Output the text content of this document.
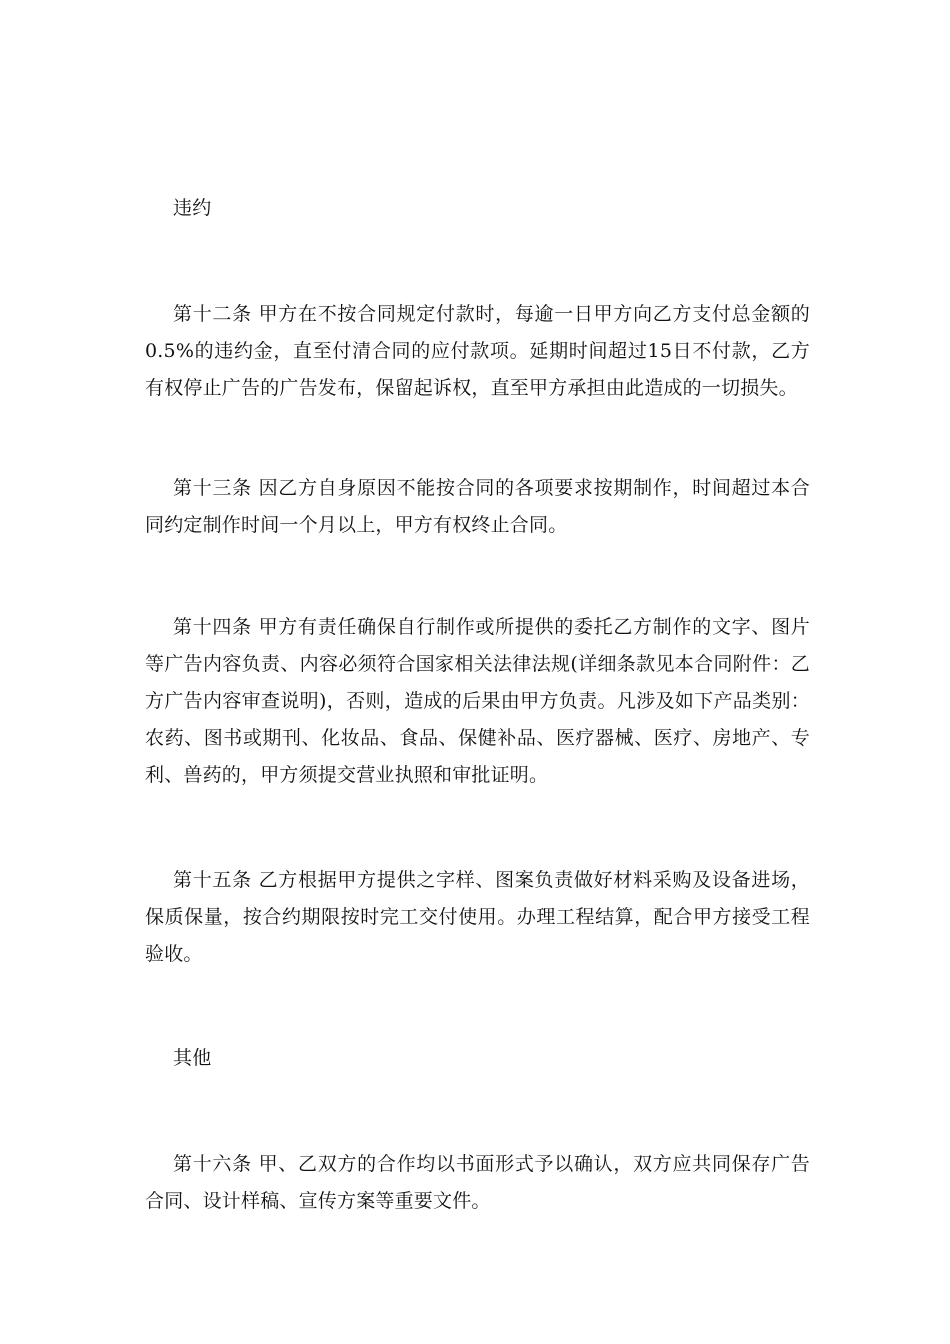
违约

第十二条 甲方在不按合同规定付款时，每逾一日甲方向乙方支付总金额的0.5%的违约金，直至付清合同的应付款项。延期时间超过15日不付款，乙方有权停止广告的广告发布，保留起诉权，直至甲方承担由此造成的一切损失。

第十三条 因乙方自身原因不能按合同的各项要求按期制作，时间超过本合同约定制作时间一个月以上，甲方有权终止合同。

第十四条 甲方有责任确保自行制作或所提供的委托乙方制作的文字、图片等广告内容负责、内容必须符合国家相关法律法规(详细条款见本合同附件：乙方广告内容审查说明)，否则，造成的后果由甲方负责。凡涉及如下产品类别：农药、图书或期刊、化妆品、食品、保健补品、医疗器械、医疗、房地产、专利、兽药的，甲方须提交营业执照和审批证明。

第十五条 乙方根据甲方提供之字样、图案负责做好材料采购及设备进场，保质保量，按合约期限按时完工交付使用。办理工程结算，配合甲方接受工程验收。

其他

第十六条 甲、乙双方的合作均以书面形式予以确认，双方应共同保存广告合同、设计样稿、宣传方案等重要文件。
